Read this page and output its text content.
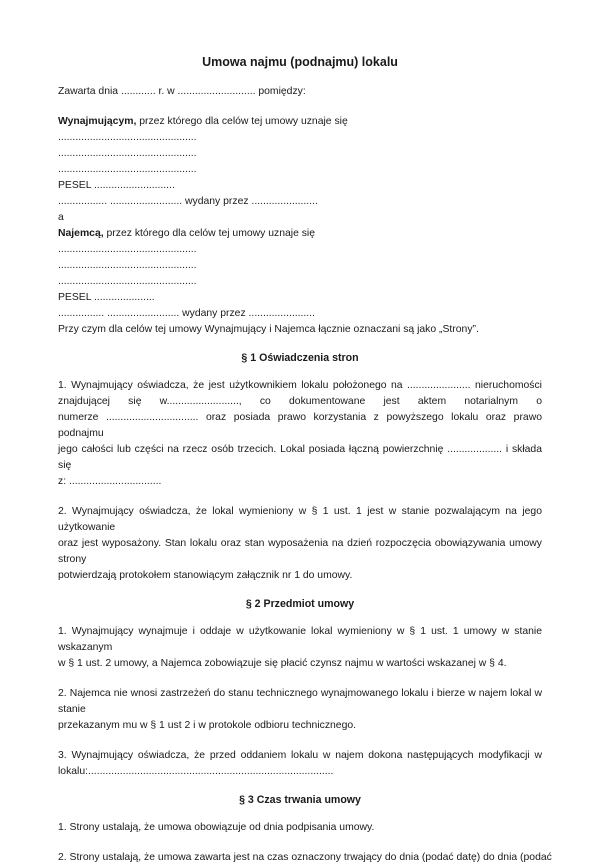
Umowa najmu (podnajmu) lokalu
Zawarta dnia ............ r. w ........................... pomiędzy:
Wynajmującym, przez którego dla celów tej umowy uznaje się
................................................
................................................
................................................
PESEL ............................
................. ......................... wydany przez .......................
a
Najemcą, przez którego dla celów tej umowy uznaje się
................................................
................................................
................................................
PESEL .....................
................ ......................... wydany przez .......................
Przy czym dla celów tej umowy Wynajmujący i Najemca łącznie oznaczani są jako „Strony”.
§ 1 Oświadczenia stron
1. Wynajmujący oświadcza, że jest użytkownikiem lokalu położonego na ...................... nieruchomości
znajdującej się w........................., co dokumentowane jest aktem notarialnym o
numerze ................................ oraz posiada prawo korzystania z powyższego lokalu oraz prawo podnajmu
jego całości lub części na rzecz osób trzecich. Lokal posiada łączną powierzchnię ................... i składa się
z: ................................
2. Wynajmujący oświadcza, że lokal wymieniony w § 1 ust. 1 jest w stanie pozwalającym na jego użytkowanie
oraz jest wyposażony. Stan lokalu oraz stan wyposażenia na dzień rozpoczęcia obowiązywania umowy strony
potwierdzają protokołem stanowiącym załącznik nr 1 do umowy.
§ 2 Przedmiot umowy
1. Wynajmujący wynajmuje i oddaje w użytkowanie lokal wymieniony w § 1 ust. 1 umowy w stanie wskazanym
w § 1 ust. 2 umowy, a Najemca zobowiązuje się płacić czynsz najmu w wartości wskazanej w § 4.
2. Najemca nie wnosi zastrzeżeń do stanu technicznego wynajmowanego lokalu i bierze w najem lokal w stanie
przekazanym mu w § 1 ust 2 i w protokole odbioru technicznego.
3. Wynajmujący oświadcza, że przed oddaniem lokalu w najem dokona następujących modyfikacji w
lokalu:.....................................................................................
§ 3 Czas trwania umowy
1. Strony ustalają, że umowa obowiązuje od dnia podpisania umowy.
2. Strony ustalają, że umowa zawarta jest na czas oznaczony trwający do dnia (podać datę) do dnia (podać
